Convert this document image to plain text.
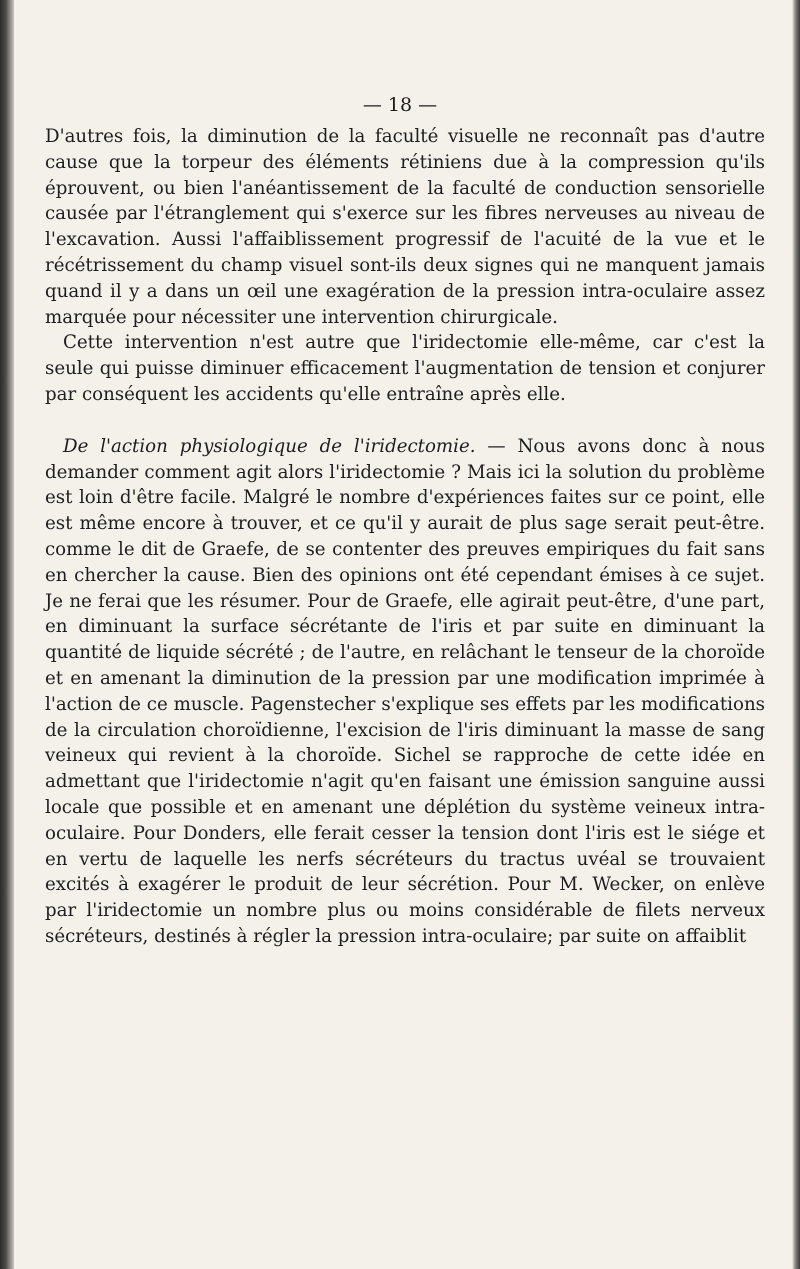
— 18 —

D'autres fois, la diminution de la faculté visuelle ne reconnaît pas d'autre cause que la torpeur des éléments rétiniens due à la compression qu'ils éprouvent, ou bien l'anéantissement de la faculté de conduction sensorielle causée par l'étranglement qui s'exerce sur les fibres nerveuses au niveau de l'excavation. Aussi l'affaiblissement progressif de l'acuité de la vue et le récétrissement du champ visuel sont-ils deux signes qui ne manquent jamais quand il y a dans un œil une exagération de la pression intra-oculaire assez marquée pour nécessiter une intervention chirurgicale.

Cette intervention n'est autre que l'iridectomie elle-même, car c'est la seule qui puisse diminuer efficacement l'augmentation de tension et conjurer par conséquent les accidents qu'elle entraîne après elle.

De l'action physiologique de l'iridectomie. — Nous avons donc à nous demander comment agit alors l'iridectomie ? Mais ici la solution du problème est loin d'être facile. Malgré le nombre d'expériences faites sur ce point, elle est même encore à trouver, et ce qu'il y aurait de plus sage serait peut-être. comme le dit de Graefe, de se contenter des preuves empiriques du fait sans en chercher la cause. Bien des opinions ont été cependant émises à ce sujet. Je ne ferai que les résumer. Pour de Graefe, elle agirait peut-être, d'une part, en diminuant la surface sécrétante de l'iris et par suite en diminuant la quantité de liquide sécrété ; de l'autre, en relâchant le tenseur de la choroïde et en amenant la diminution de la pression par une modification imprimée à l'action de ce muscle. Pagenstecher s'explique ses effets par les modifications de la circulation choroïdienne, l'excision de l'iris diminuant la masse de sang veineux qui revient à la choroïde. Sichel se rapproche de cette idée en admettant que l'iridectomie n'agit qu'en faisant une émission sanguine aussi locale que possible et en amenant une déplétion du système veineux intra-oculaire. Pour Donders, elle ferait cesser la tension dont l'iris est le siége et en vertu de laquelle les nerfs sécréteurs du tractus uvéal se trouvaient excités à exagérer le produit de leur sécrétion. Pour M. Wecker, on enlève par l'iridectomie un nombre plus ou moins considérable de filets nerveux sécréteurs, destinés à régler la pression intra-oculaire; par suite on affaiblit
